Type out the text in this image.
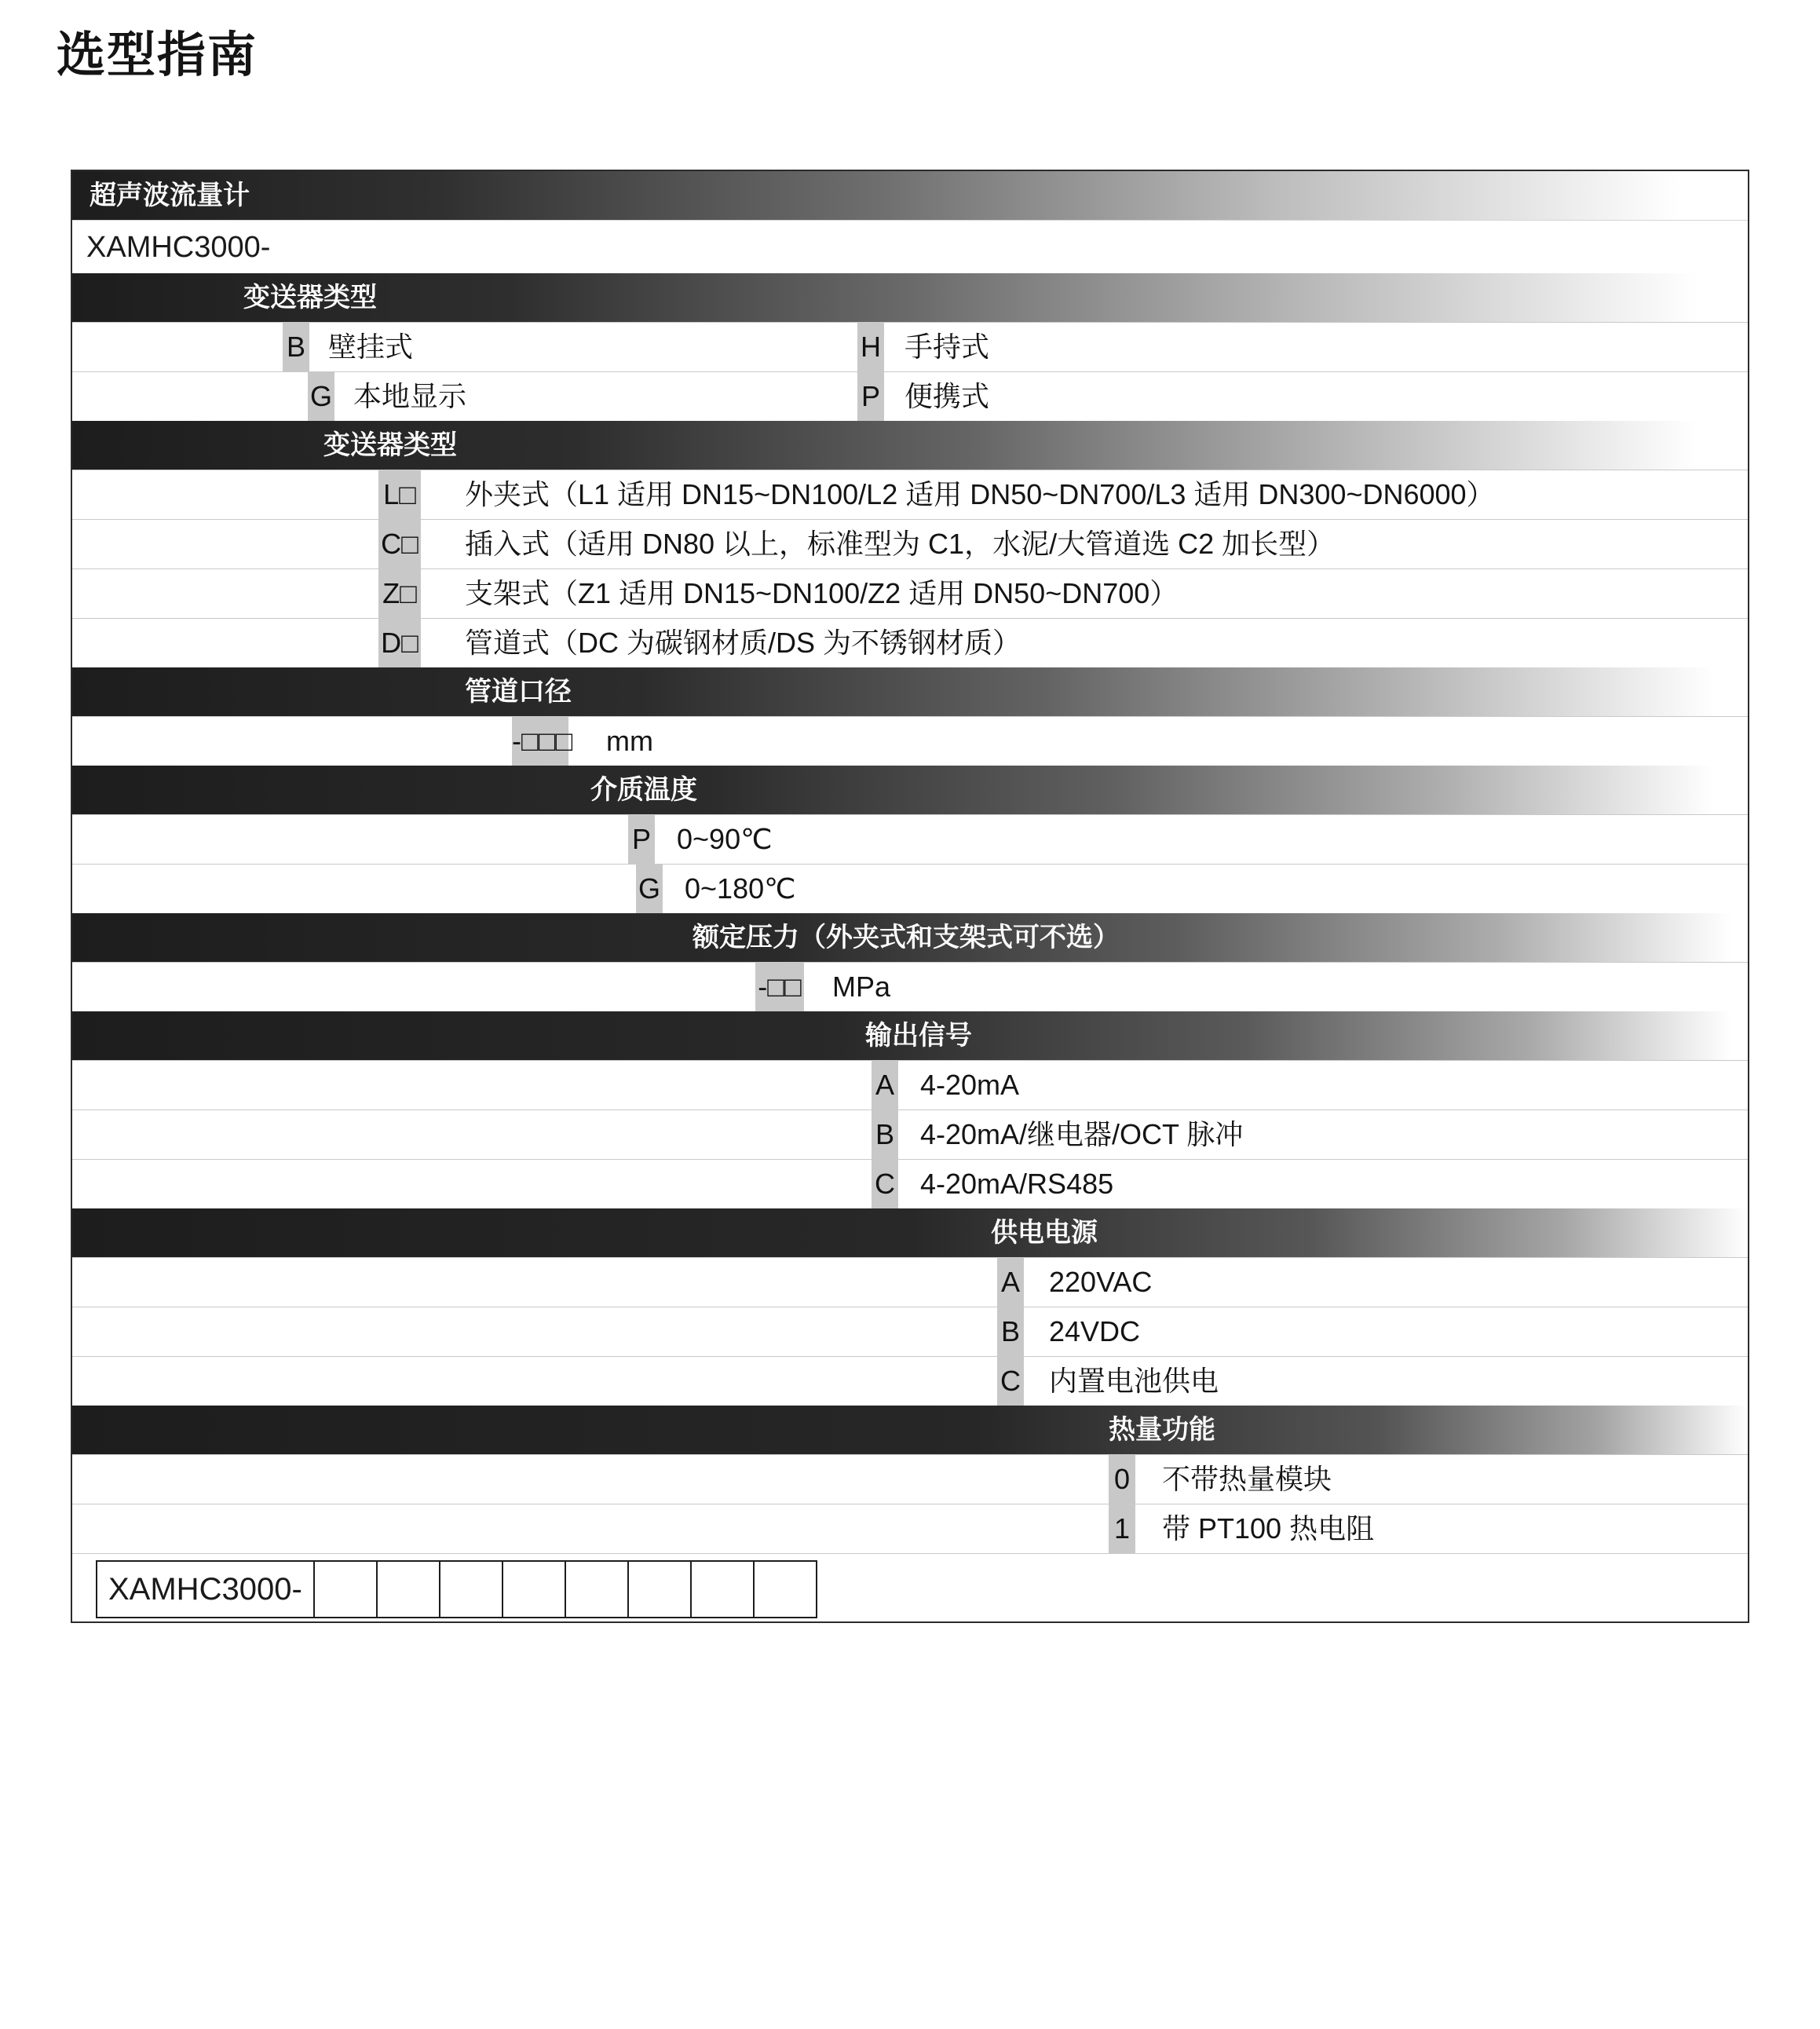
选型指南
超声波流量计
XAMHC3000-
变送器类型
B 壁挂式	H 手持式
G 本地显示	P 便携式
变送器类型
L□ 外夹式（L1 适用 DN15~DN100/L2 适用 DN50~DN700/L3 适用 DN300~DN6000）
C□ 插入式（适用 DN80 以上，标准型为 C1，水泥/大管道选 C2 加长型）
Z□ 支架式（Z1 适用 DN15~DN100/Z2 适用 DN50~DN700）
D□ 管道式（DC 为碳钢材质/DS 为不锈钢材质）
管道口径
-□□□ mm
介质温度
P 0~90℃
G 0~180℃
额定压力（外夹式和支架式可不选）
-□□ MPa
输出信号
A 4-20mA
B 4-20mA/继电器/OCT 脉冲
C 4-20mA/RS485
供电电源
A 220VAC
B 24VDC
C 内置电池供电
热量功能
0 不带热量模块
1 带 PT100 热电阻
XAMHC3000-
